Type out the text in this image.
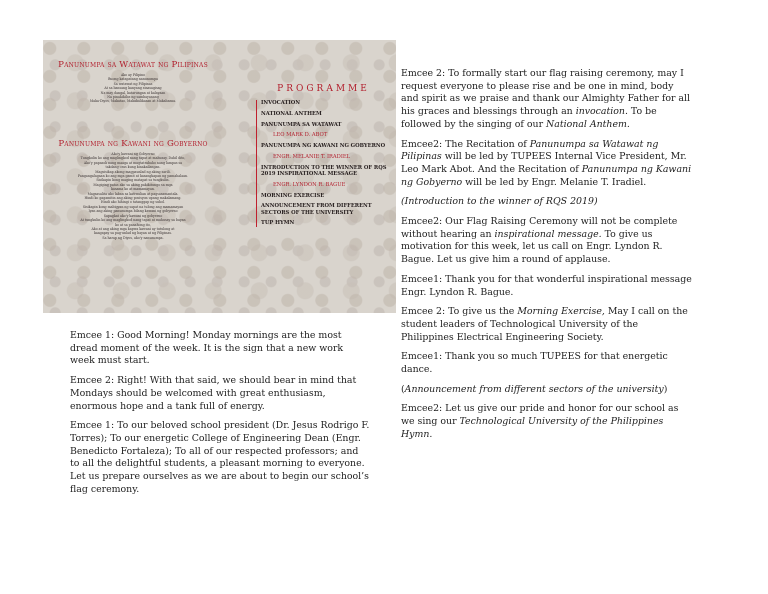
Panunumpa sa Watawat ng Pilipinas
Ako ay Pilipino
Buong katapatang nanunumpa
Sa watawat ng Pilipinas
At sa bansang kanyang sinasagisag
Na may dangal, katarungan at kalayaan
Na pinakikilos ng sambayanang
Maka-Diyos, Makatao, Makakalikasan at Makabansa.
Panunumpa ng Kawani ng Gobyerno
Ako'y kawani ng Gobyerno
Tungkulin ko ang maglingkod nang tapat at mahusay. Dahil dito,
Ako'y papasok nang maaga at magtatrabaho nang lampas sa
takdang oras kung kinakailangan.
Magsisikap akong magpaunlad ng aking sarili.
Pangangalagaan ko ang mga gamit at kasangkapan ng pamahalaan.
Sisikapin kong maging matapat sa tungkulin.
Magiging patas ako sa aking pakikitungo sa mga
kasama ko at mamamayan.
Magsasalita ako laban sa katiwalian at pagsasamantala.
Hindi ko gagamitin ang aking posisyon upang makalamang.
Hindi ako hihingi o tatanggap ng suhol.
Sisikapin kong mabigyan ng sapat na tulong ang mamamayan
Iyan ang aking panunumpa bilang kawani ng gobyerno
Sapagkat ako'y kawani ng gobyerno
At tungkulin ko ang maglingkod nang tapat at mahusay sa bayan
ko at sa panahong ito,
Ako at ang aking mga kapwa kawani ay tutulong at
kaagapay sa pag-unlad ng bayan at ng Pilipinas.
Sa harap ng Diyos, ako'y nanunumpa.
PROGRAMME
INVOCATION
NATIONAL ANTHEM
PANUNUMPA SA WATAWAT
LEO MARK D. ABOT
PANUNUMPA NG KAWANI NG GOBYERNO
ENGR. MELANIE T. IRADIEL
INTRODUCTION TO THE WINNER OF RQS 2019 INSPIRATIONAL MESSAGE
ENGR. LYNDON R. BAGUE
MORNING EXERCISE
ANNOUNCEMENT FROM DIFFERENT SECTORS OF THE UNIVERSITY
TUP HYMN

Emcee 1: Good Morning! Monday mornings are the most dread moment of the week. It is the sign that a new work week must start.

Emcee 2: Right! With that said, we should bear in mind that Mondays should be welcomed with great enthusiasm, enormous hope and a tank full of energy.

Emcee 1: To our beloved school president (Dr. Jesus Rodrigo F. Torres); To our energetic College of Engineering Dean (Engr. Benedicto Fortaleza); To all of our respected professors; and to all the delightful students, a pleasant morning to everyone. Let us prepare ourselves as we are about to begin our school’s flag ceremony.

Emcee 2: To formally start our flag raising ceremony, may I request everyone to please rise and be one in mind, body and spirit as we praise and thank our Almighty Father for all his graces and blessings through an invocation. To be followed by the singing of our National Anthem.

Emcee2: The Recitation of Panunumpa sa Watawat ng Pilipinas will be led by TUPEES Internal Vice President, Mr. Leo Mark Abot. And the Recitation of Panunumpa ng Kawani ng Gobyerno will be led by Engr. Melanie T. Iradiel.

(Introduction to the winner of RQS 2019)

Emcee2: Our Flag Raising Ceremony will not be complete without hearing an inspirational message. To give us motivation for this week, let us call on Engr. Lyndon R. Bague. Let us give him a round of applause.

Emcee1: Thank you for that wonderful inspirational message Engr. Lyndon R. Bague.

Emcee 2: To give us the Morning Exercise, May I call on the student leaders of Technological University of the Philippines Electrical Engineering Society.

Emcee1: Thank you so much TUPEES for that energetic dance.

(Announcement from different sectors of the university)

Emcee2: Let us give our pride and honor for our school as we sing our Technological University of the Philippines Hymn.
